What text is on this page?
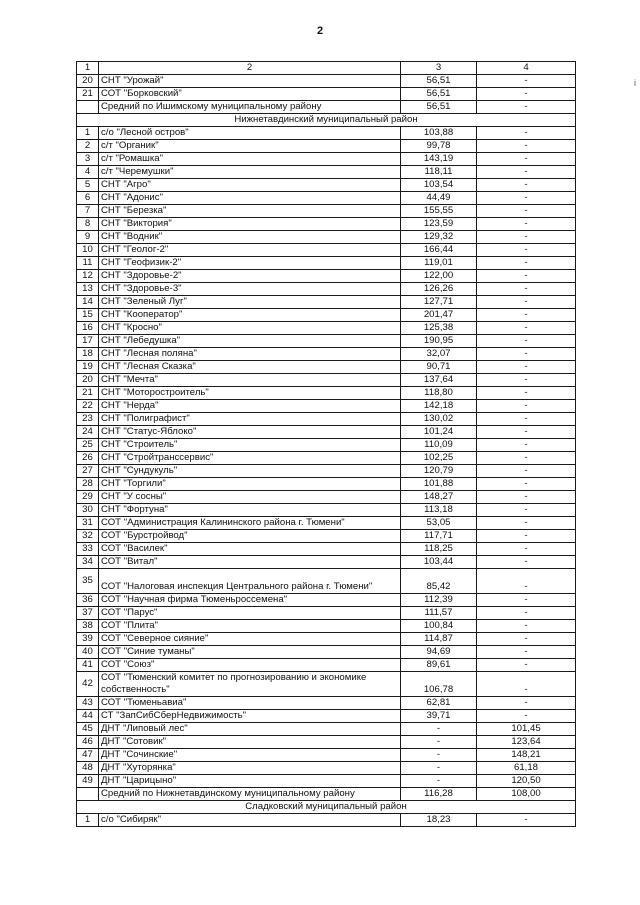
2
i
1	2	3	4
20	СНТ "Урожай"	56,51	-
21	СОТ "Борковский"	56,51	-
	Средний по Ишимскому муниципальному району	56,51	-
Нижнетавдинский муниципальный район			
1	с/о "Лесной остров"	103,88	-
2	с/т "Органик"	99,78	-
3	с/т "Ромашка"	143,19	-
4	с/т "Черемушки"	118,11	-
5	СНТ "Агро"	103,54	-
6	СНТ "Адонис"	44,49	-
7	СНТ "Березка"	155,55	-
8	СНТ "Виктория"	123,59	-
9	СНТ "Водник"	129,32	-
10	СНТ "Геолог-2"	166,44	-
11	СНТ "Геофизик-2"	119,01	-
12	СНТ "Здоровье-2"	122,00	-
13	СНТ "Здоровье-3"	126,26	-
14	СНТ "Зеленый Луг"	127,71	-
15	СНТ "Кооператор"	201,47	-
16	СНТ "Кросно"	125,38	-
17	СНТ "Лебедушка"	190,95	-
18	СНТ "Лесная поляна"	32,07	-
19	СНТ "Лесная Сказка"	90,71	-
20	СНТ "Мечта"	137,64	-
21	СНТ "Моторостроитель"	118,80	-
22	СНТ "Нерда"	142,18	-
23	СНТ "Полиграфист"	130,02	-
24	СНТ "Статус-Яблоко"	101,24	-
25	СНТ "Строитель"	110,09	-
26	СНТ "Стройтранссервис"	102,25	-
27	СНТ "Сундукуль"	120,79	-
28	СНТ "Торгили"	101,88	-
29	СНТ "У сосны"	148,27	-
30	СНТ "Фортуна"	113,18	-
31	СОТ "Администрация Калининского района г. Тюмени"	53,05	-
32	СОТ "Бурстройвод"	117,71	-
33	СОТ "Василек"	118,25	-
34	СОТ "Витал"	103,44	-
35	СОТ "Налоговая инспекция Центрального района г. Тюмени"	85,42	-
36	СОТ "Научная фирма Тюменьроссемена"	112,39	-
37	СОТ "Парус"	111,57	-
38	СОТ "Плита"	100,84	-
39	СОТ "Северное сияние"	114,87	-
40	СОТ "Синие туманы"	94,69	-
41	СОТ "Союз"	89,61	-
42	СОТ "Тюменский комитет по прогнозированию и экономике собственность"	106,78	-
43	СОТ "Тюменьавиа"	62,81	-
44	СТ "ЗапСибСберНедвижимость"	39,71	-
45	ДНТ "Липовый лес"	-	101,45
46	ДНТ "Сотовик"	-	123,64
47	ДНТ "Сочинские"	-	148,21
48	ДНТ "Хуторянка"	-	61,18
49	ДНТ "Царицыно"	-	120,50
	Средний по Нижнетавдинскому муниципальному району	116,28	108,00
Сладковский муниципальный район			
1	с/о "Сибиряк"	18,23	-
